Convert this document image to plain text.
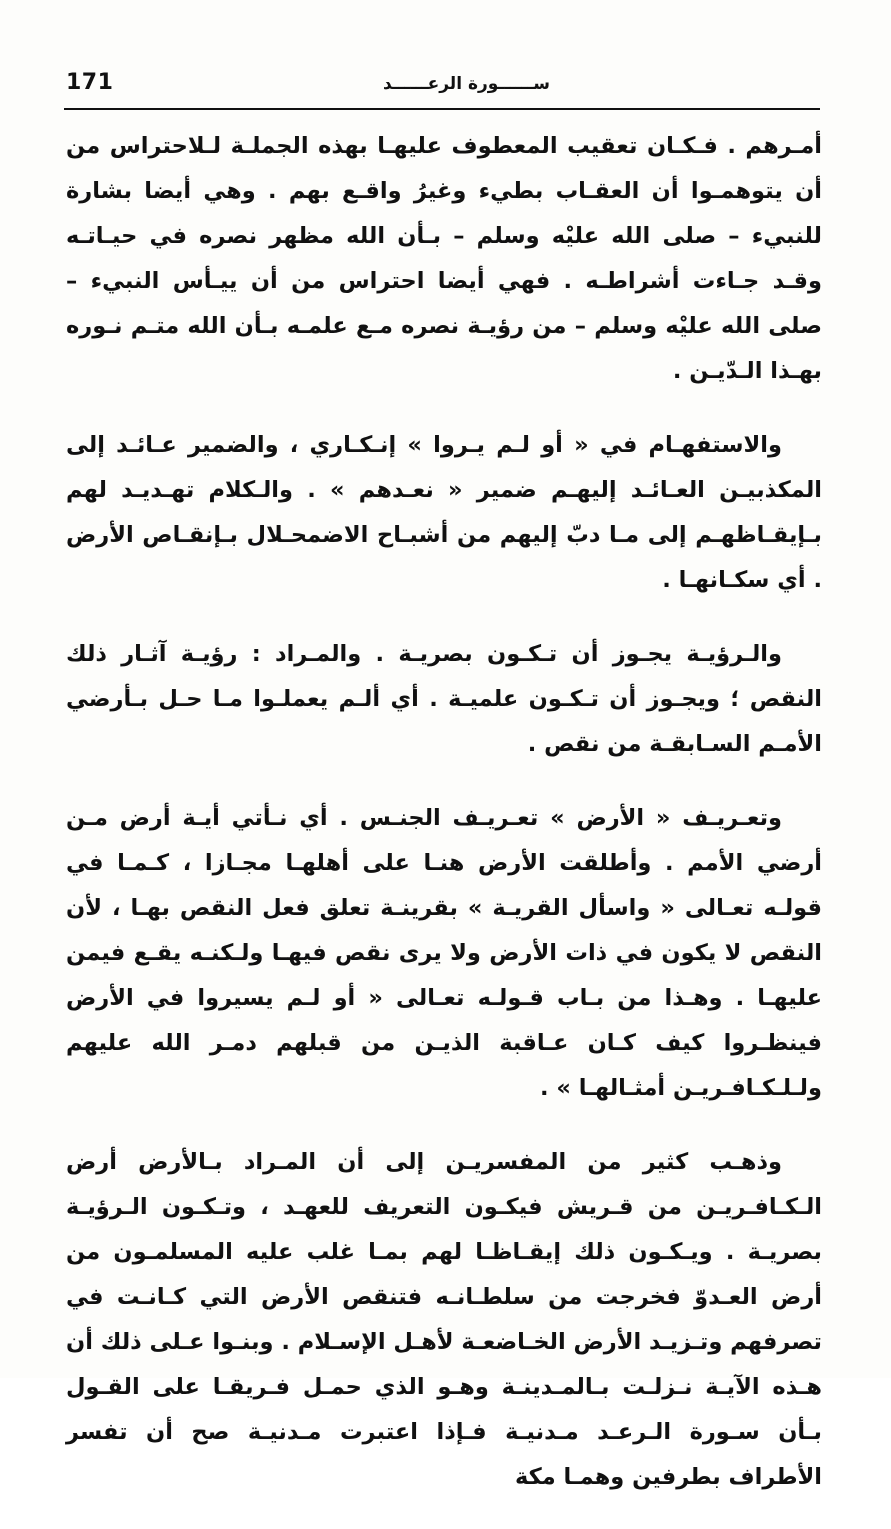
171	ســــــورة الرعــــــد

أمـرهم . فـكـان تعقيب المعطوف عليهـا بهذه الجملـة لـلاحتراس من أن يتوهمـوا أن العقـاب بطيء وغيرُ واقـع بهم . وهي أيضا بشارة للنبيء – صلى الله عليْه وسلم – بـأن الله مظهر نصره في حيـاتـه وقـد جـاءت أشراطـه . فهي أيضا احتراس من أن ييـأس النبيء – صلى الله عليْه وسلم – من رؤيـة نصره مـع علمـه بـأن الله متـم نـوره بهـذا الـدّيـن .

والاستفهـام في « أو لـم يـروا » إنـكـاري ، والضمير عـائـد إلى المكذبيـن العـائـد إليهـم ضمير « نعـدهم » . والـكلام تهـديـد لهم بـإيقـاظهـم إلى مـا دبّ إليهم من أشبـاح الاضمحـلال بـإنقـاص الأرض . أي سكـانهـا .

والـرؤيـة يجـوز أن تـكـون بصريـة . والمـراد : رؤيـة آثـار ذلك النقص ؛ ويجـوز أن تـكـون علميـة . أي ألـم يعملـوا مـا حـل بـأرضي الأمـم السـابقـة من نقص .

وتعـريـف « الأرض » تعـريـف الجنـس . أي نـأتي أيـة أرض مـن أرضي الأمم . وأطلقت الأرض هنـا على أهلهـا مجـازا ، كـمـا في قولـه تعـالى « واسأل القريـة » بقرينـة تعلق فعل النقص بهـا ، لأن النقص لا يكون في ذات الأرض ولا يرى نقص فيهـا ولـكنـه يقـع فيمن عليهـا . وهـذا من بـاب قـولـه تعـالى « أو لـم يسيروا في الأرض فينظـروا كيف كـان عـاقبة الذيـن من قبلهم دمـر الله عليهم ولـلـكـافـريـن أمثـالهـا » .

وذهـب كثير من المفسريـن إلى أن المـراد بـالأرض أرض الـكـافـريـن من قـريش فيكـون التعريف للعهـد ، وتـكـون الـرؤيـة بصريـة . ويـكـون ذلك إيقـاظـا لهم بمـا غلب عليه المسلمـون من أرض العـدوّ فخرجت من سلطـانـه فتنقص الأرض التي كـانـت في تصرفهم وتـزيـد الأرض الخـاضعـة لأهـل الإسـلام . وبنـوا عـلى ذلك أن هـذه الآيـة نـزلـت بـالمـدينـة وهـو الذي حمـل فـريقـا على القـول بـأن سـورة الـرعـد مـدنيـة فـإذا اعتبرت مـدنيـة صح أن تفسر الأطراف بطرفين وهمـا مكة
